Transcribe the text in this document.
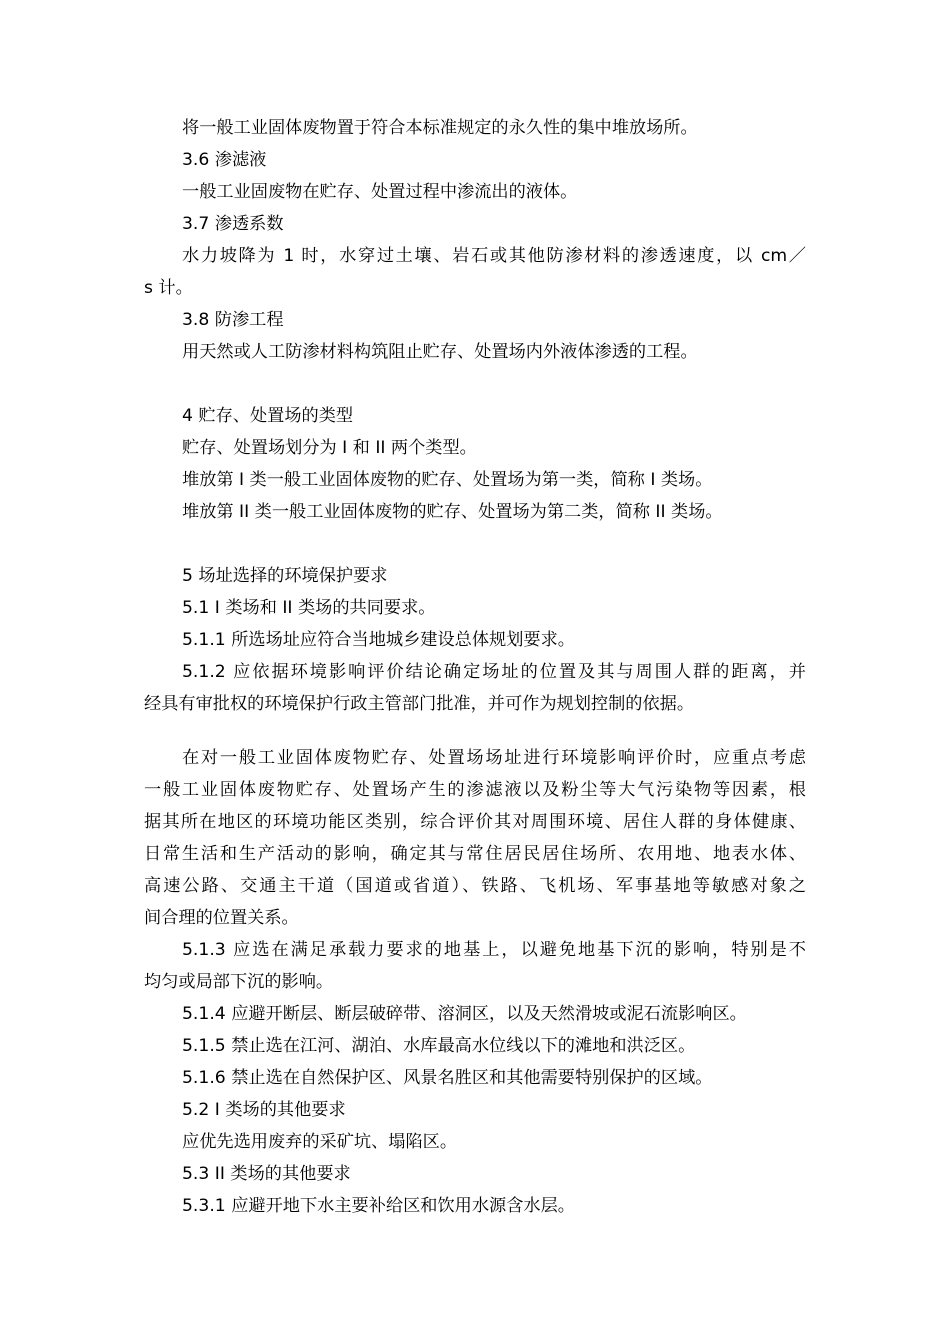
将一般工业固体废物置于符合本标准规定的永久性的集中堆放场所。
3.6 渗滤液
一般工业固废物在贮存、处置过程中渗流出的液体。
3.7 渗透系数
水力坡降为 1 时，水穿过土壤、岩石或其他防渗材料的渗透速度，以 cm／
s 计。
3.8 防渗工程
用天然或人工防渗材料构筑阻止贮存、处置场内外液体渗透的工程。
4 贮存、处置场的类型
贮存、处置场划分为 I 和 II 两个类型。
堆放第 I 类一般工业固体废物的贮存、处置场为第一类，简称 I 类场。
堆放第 II 类一般工业固体废物的贮存、处置场为第二类，简称 II 类场。
5 场址选择的环境保护要求
5.1 I 类场和 II 类场的共同要求。
5.1.1 所选场址应符合当地城乡建设总体规划要求。
5.1.2 应依据环境影响评价结论确定场址的位置及其与周围人群的距离，并
经具有审批权的环境保护行政主管部门批准，并可作为规划控制的依据。
在对一般工业固体废物贮存、处置场场址进行环境影响评价时，应重点考虑
一般工业固体废物贮存、处置场产生的渗滤液以及粉尘等大气污染物等因素，根
据其所在地区的环境功能区类别，综合评价其对周围环境、居住人群的身体健康、
日常生活和生产活动的影响，确定其与常住居民居住场所、农用地、地表水体、
高速公路、交通主干道（国道或省道）、铁路、飞机场、军事基地等敏感对象之
间合理的位置关系。
5.1.3 应选在满足承载力要求的地基上，以避免地基下沉的影响，特别是不
均匀或局部下沉的影响。
5.1.4 应避开断层、断层破碎带、溶洞区，以及天然滑坡或泥石流影响区。
5.1.5 禁止选在江河、湖泊、水库最高水位线以下的滩地和洪泛区。
5.1.6 禁止选在自然保护区、风景名胜区和其他需要特别保护的区域。
5.2 I 类场的其他要求
应优先选用废弃的采矿坑、塌陷区。
5.3 II 类场的其他要求
5.3.1 应避开地下水主要补给区和饮用水源含水层。
